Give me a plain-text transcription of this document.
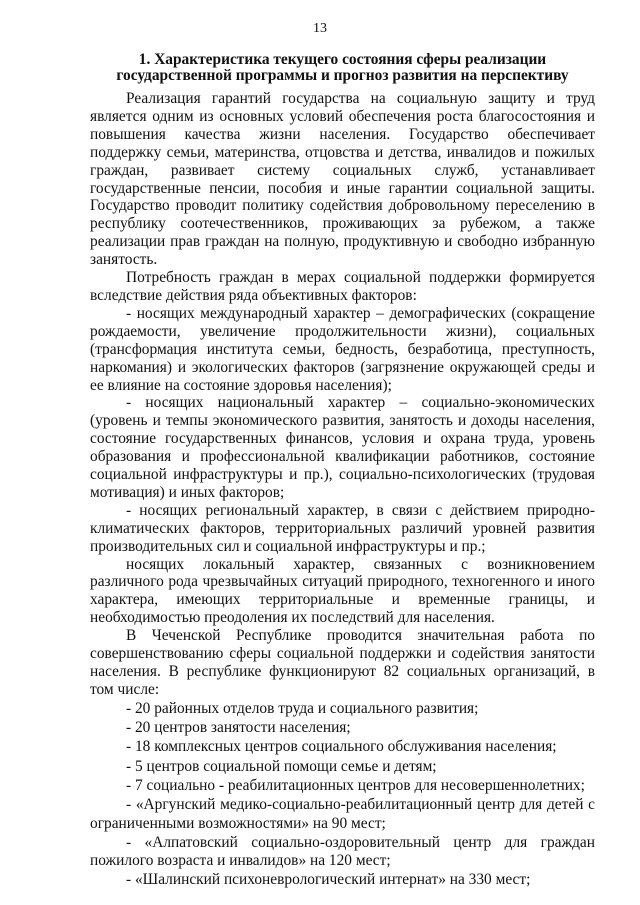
13
1. Характеристика текущего состояния сферы реализации
государственной программы и прогноз развития на перспективу

Реализация гарантий государства на социальную защиту и труд является одним из основных условий обеспечения роста благосостояния и повышения качества жизни населения. Государство обеспечивает поддержку семьи, материнства, отцовства и детства, инвалидов и пожилых граждан, развивает систему социальных служб, устанавливает государственные пенсии, пособия и иные гарантии социальной защиты. Государство проводит политику содействия добровольному переселению в республику соотечественников, проживающих за рубежом, а также реализации прав граждан на полную, продуктивную и свободно избранную занятость.

Потребность граждан в мерах социальной поддержки формируется вследствие действия ряда объективных факторов:

- носящих международный характер – демографических (сокращение рождаемости, увеличение продолжительности жизни), социальных (трансформация института семьи, бедность, безработица, преступность, наркомания) и экологических факторов (загрязнение окружающей среды и ее влияние на состояние здоровья населения);

- носящих национальный характер – социально-экономических (уровень и темпы экономического развития, занятость и доходы населения, состояние государственных финансов, условия и охрана труда, уровень образования и профессиональной квалификации работников, состояние социальной инфраструктуры и пр.), социально-психологических (трудовая мотивация) и иных факторов;

- носящих региональный характер, в связи с действием природно-климатических факторов, территориальных различий уровней развития производительных сил и социальной инфраструктуры и пр.;

носящих локальный характер, связанных с возникновением различного рода чрезвычайных ситуаций природного, техногенного и иного характера, имеющих территориальные и временные границы, и необходимостью преодоления их последствий для населения.

В Чеченской Республике проводится значительная работа по совершенствованию сферы социальной поддержки и содействия занятости населения. В республике функционируют 82 социальных организаций, в том числе:

- 20 районных отделов труда и социального развития;

- 20 центров занятости населения;

- 18 комплексных центров социального обслуживания населения;

- 5 центров социальной помощи семье и детям;

- 7 социально - реабилитационных центров для несовершеннолетних;

- «Аргунский медико-социально-реабилитационный центр для детей с ограниченными возможностями» на 90 мест;

- «Алпатовский социально-оздоровительный центр для граждан пожилого возраста и инвалидов» на 120 мест;

- «Шалинский психоневрологический интернат» на 330 мест;
